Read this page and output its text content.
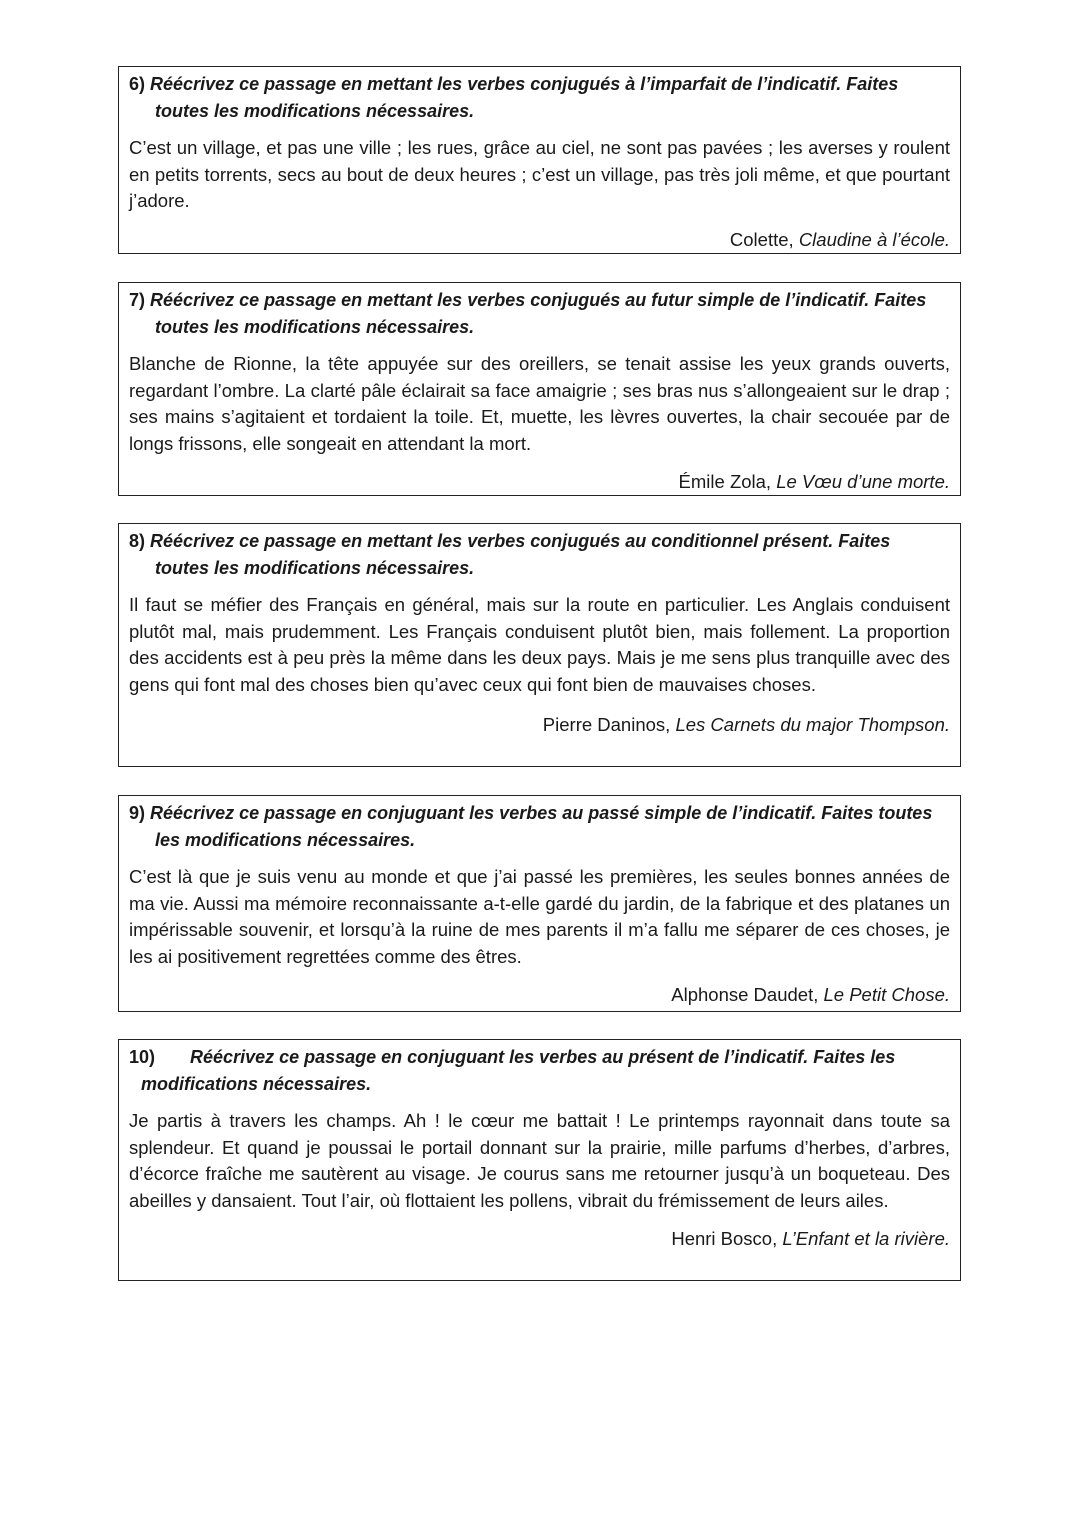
6) Réécrivez ce passage en mettant les verbes conjugués à l’imparfait de l’indicatif. Faites
toutes les modifications nécessaires.

C’est un village, et pas une ville ; les rues, grâce au ciel, ne sont pas pavées ; les averses y roulent en petits torrents, secs au bout de deux heures ; c’est un village, pas très joli même, et que pourtant j’adore.

Colette, Claudine à l’école.

7) Réécrivez ce passage en mettant les verbes conjugués au futur simple de l’indicatif. Faites
toutes les modifications nécessaires.

Blanche de Rionne, la tête appuyée sur des oreillers, se tenait assise les yeux grands ouverts, regardant l’ombre. La clarté pâle éclairait sa face amaigrie ; ses bras nus s’allongeaient sur le drap ; ses mains s’agitaient et tordaient la toile. Et, muette, les lèvres ouvertes, la chair secouée par de longs frissons, elle songeait en attendant la mort.

Émile Zola, Le Vœu d’une morte.

8) Réécrivez ce passage en mettant les verbes conjugués au conditionnel présent. Faites
toutes les modifications nécessaires.

Il faut se méfier des Français en général, mais sur la route en particulier. Les Anglais conduisent plutôt mal, mais prudemment. Les Français conduisent plutôt bien, mais follement. La proportion des accidents est à peu près la même dans les deux pays. Mais je me sens plus tranquille avec des gens qui font mal des choses bien qu’avec ceux qui font bien de mauvaises choses.

Pierre Daninos, Les Carnets du major Thompson.

9) Réécrivez ce passage en conjuguant les verbes au passé simple de l’indicatif. Faites toutes
les modifications nécessaires.

C’est là que je suis venu au monde et que j’ai passé les premières, les seules bonnes années de ma vie. Aussi ma mémoire reconnaissante a-t-elle gardé du jardin, de la fabrique et des platanes un impérissable souvenir, et lorsqu’à la ruine de mes parents il m’a fallu me séparer de ces choses, je les ai positivement regrettées comme des êtres.

Alphonse Daudet, Le Petit Chose.

10) Réécrivez ce passage en conjuguant les verbes au présent de l’indicatif. Faites les
modifications nécessaires.

Je partis à travers les champs. Ah ! le cœur me battait ! Le printemps rayonnait dans toute sa splendeur. Et quand je poussai le portail donnant sur la prairie, mille parfums d’herbes, d’arbres, d’écorce fraîche me sautèrent au visage. Je courus sans me retourner jusqu’à un boqueteau. Des abeilles y dansaient. Tout l’air, où flottaient les pollens, vibrait du frémissement de leurs ailes.

Henri Bosco, L’Enfant et la rivière.
